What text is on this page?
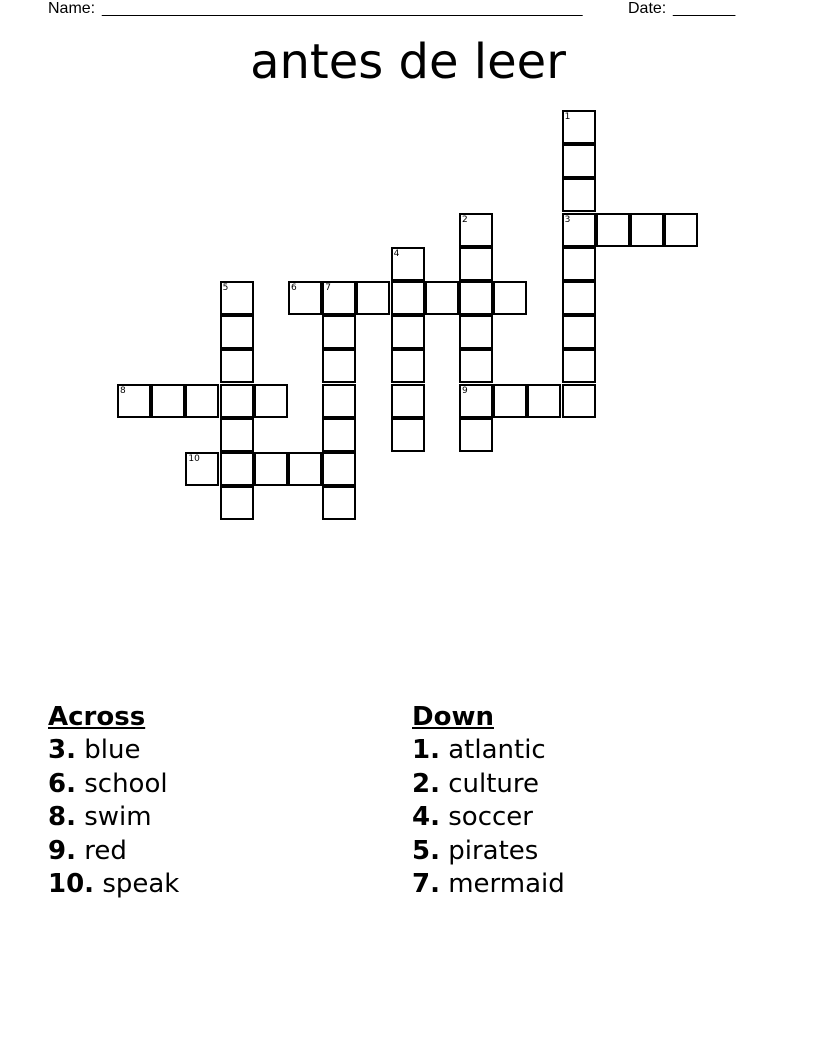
Name: ______________________________________________________	Date: _______
antes de leer
1
3
2
9
4
5	6	7
8
10
Across
3. blue
6. school
8. swim
9. red
10. speak
Down
1. atlantic
2. culture
4. soccer
5. pirates
7. mermaid
